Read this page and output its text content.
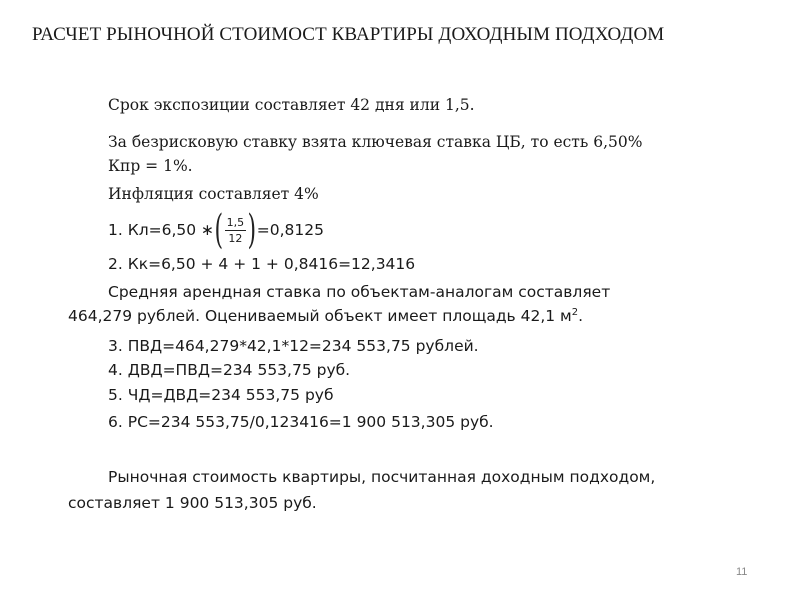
РАСЧЕТ РЫНОЧНОЙ СТОИМОСТ КВАРТИРЫ ДОХОДНЫМ ПОДХОДОМ
Срок экспозиции составляет 42 дня или 1,5.
За безрисковую ставку взята ключевая ставка ЦБ, то есть 6,50%
Кпр = 1%.
Инфляция составляет 4%
1. Кл=6,50 ∗ ( $\frac{1,5}{12}$ ) =0,8125
2. Кк=6,50 + 4 + 1 + 0,8416=12,3416
Средняя арендная ставка по объектам-аналогам составляет
464,279 рублей. Оцениваемый объект имеет площадь 42,1 $м^2$.
3. ПВД=464,279*42,1*12=234 553,75 рублей.
4. ДВД=ПВД=234 553,75 руб.
5. ЧД=ДВД=234 553,75 руб
6. РС=234 553,75/0,123416=1 900 513,305 руб.
Рыночная стоимость квартиры, посчитанная доходным подходом,
составляет 1 900 513,305 руб.
11
